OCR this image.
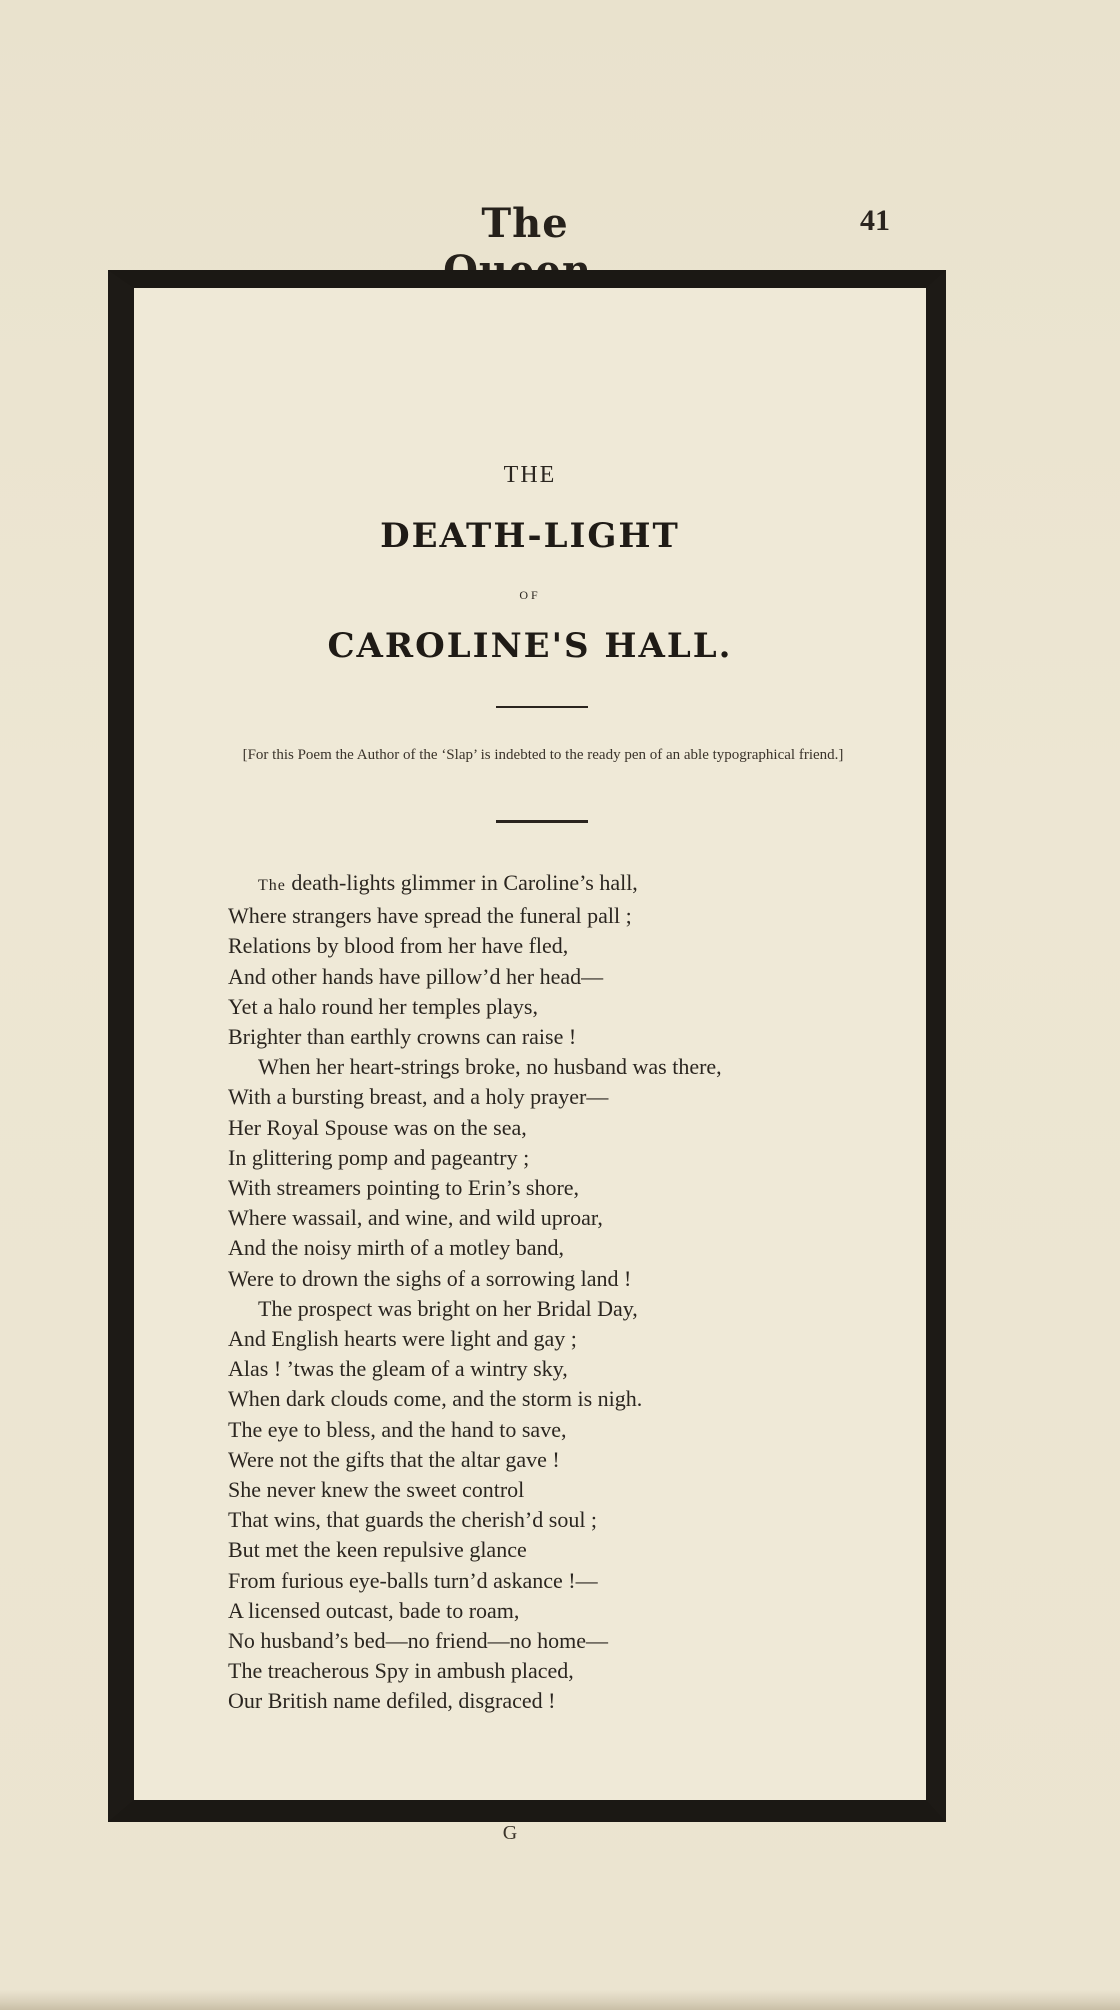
The	41
THE
DEATH-LIGHT
OF
CAROLINE'S HALL.
[For this Poem the Author of the ‘Slap’ is indebted to the ready pen of an able typographical friend.]
The death-lights glimmer in Caroline’s hall,
Where strangers have spread the funeral pall ;
Relations by blood from her have fled,
And other hands have pillow’d her head—
Yet a halo round her temples plays,
Brighter than earthly crowns can raise !
When her heart-strings broke, no husband was there,
With a bursting breast, and a holy prayer—
Her Royal Spouse was on the sea,
In glittering pomp and pageantry ;
With streamers pointing to Erin’s shore,
Where wassail, and wine, and wild uproar,
And the noisy mirth of a motley band,
Were to drown the sighs of a sorrowing land !
The prospect was bright on her Bridal Day,
And English hearts were light and gay ;
Alas ! ’twas the gleam of a wintry sky,
When dark clouds come, and the storm is nigh.
The eye to bless, and the hand to save,
Were not the gifts that the altar gave !
She never knew the sweet control
That wins, that guards the cherish’d soul ;
But met the keen repulsive glance
From furious eye-balls turn’d askance !—
A licensed outcast, bade to roam,
No husband’s bed—no friend—no home—
The treacherous Spy in ambush placed,
Our British name defiled, disgraced !
G
